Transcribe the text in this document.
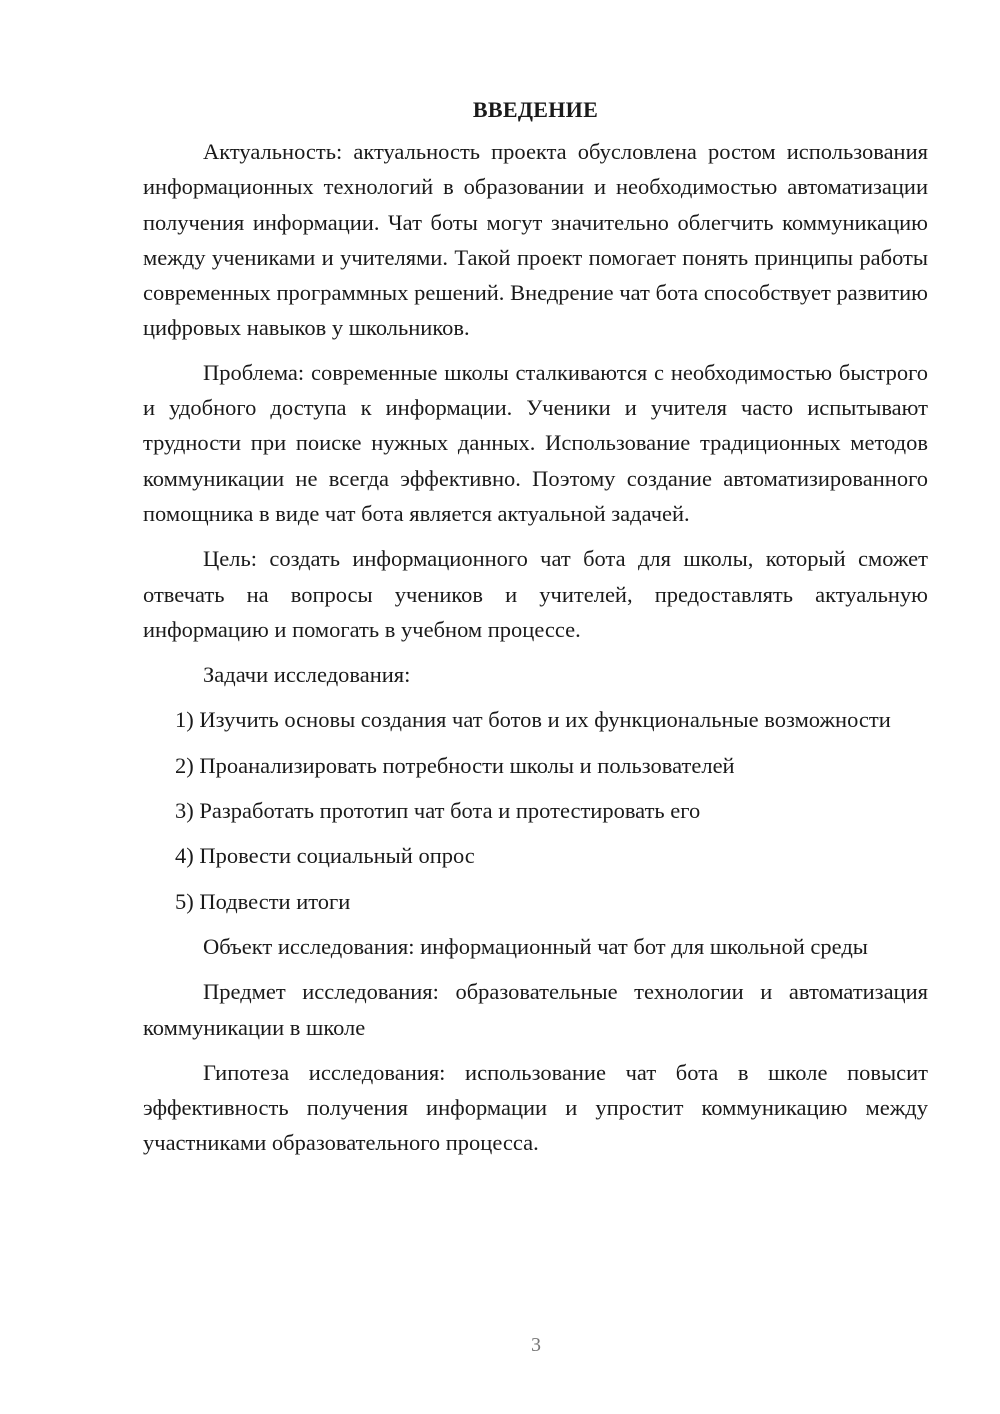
ВВЕДЕНИЕ

Актуальность: актуальность проекта обусловлена ростом использования информационных технологий в образовании и необходимостью автоматизации получения информации. Чат боты могут значительно облегчить коммуникацию между учениками и учителями. Такой проект помогает понять принципы работы современных программных решений. Внедрение чат бота способствует развитию цифровых навыков у школьников.

Проблема: современные школы сталкиваются с необходимостью быстрого и удобного доступа к информации. Ученики и учителя часто испытывают трудности при поиске нужных данных. Использование традиционных методов коммуникации не всегда эффективно. Поэтому создание автоматизированного помощника в виде чат бота является актуальной задачей.

Цель: создать информационного чат бота для школы, который сможет отвечать на вопросы учеников и учителей, предоставлять актуальную информацию и помогать в учебном процессе.

Задачи исследования:

1) Изучить основы создания чат ботов и их функциональные возможности

2) Проанализировать потребности школы и пользователей

3) Разработать прототип чат бота и протестировать его

4) Провести социальный опрос

5) Подвести итоги

Объект исследования: информационный чат бот для школьной среды

Предмет исследования: образовательные технологии и автоматизация коммуникации в школе

Гипотеза исследования: использование чат бота в школе повысит эффективность получения информации и упростит коммуникацию между участниками образовательного процесса.

3
